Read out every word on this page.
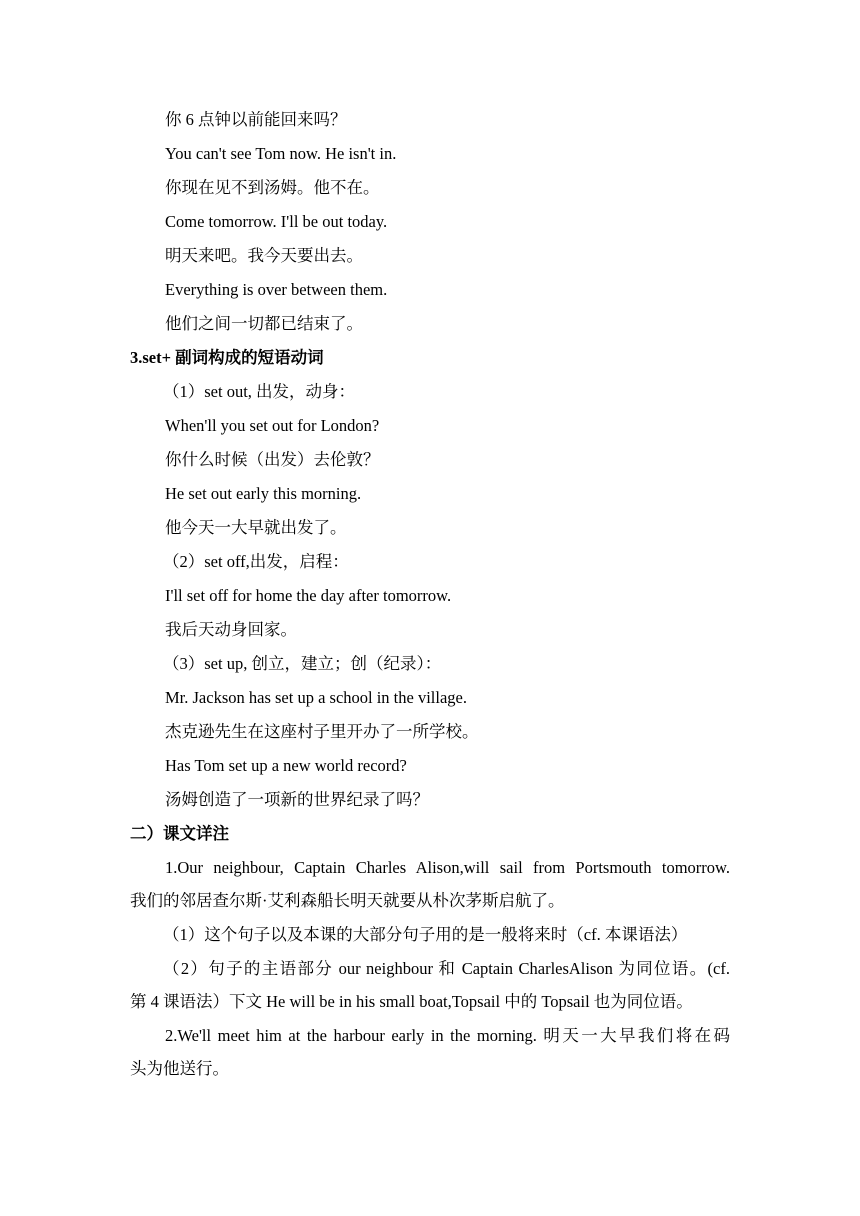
你 6 点钟以前能回来吗？
You can't see Tom now. He isn't in.
你现在见不到汤姆。他不在。
Come tomorrow. I'll be out today.
明天来吧。我今天要出去。
Everything is over between them.
他们之间一切都已结束了。
3.set+ 副词构成的短语动词
（1）set out, 出发，动身：
When'll you set out for London?
你什么时候（出发）去伦敦？
He set out early this morning.
他今天一大早就出发了。
（2）set off,出发，启程：
I'll set off for home the day after tomorrow.
我后天动身回家。
（3）set up, 创立，建立；创（纪录）：
Mr. Jackson has set up a school in the village.
杰克逊先生在这座村子里开办了一所学校。
Has Tom set up a new world record?
汤姆创造了一项新的世界纪录了吗？
二）课文详注
1.Our neighbour, Captain Charles Alison,will sail from Portsmouth tomorrow.
我们的邻居查尔斯·艾利森船长明天就要从朴次茅斯启航了。
（1）这个句子以及本课的大部分句子用的是一般将来时（cf. 本课语法）
（2）句子的主语部分 our neighbour 和 Captain CharlesAlison 为同位语。(cf.
第 4 课语法）下文 He will be in his small boat,Topsail 中的 Topsail 也为同位语。
2.We'll meet him at the harbour early in the morning. 明天一大早我们将在码
头为他送行。
